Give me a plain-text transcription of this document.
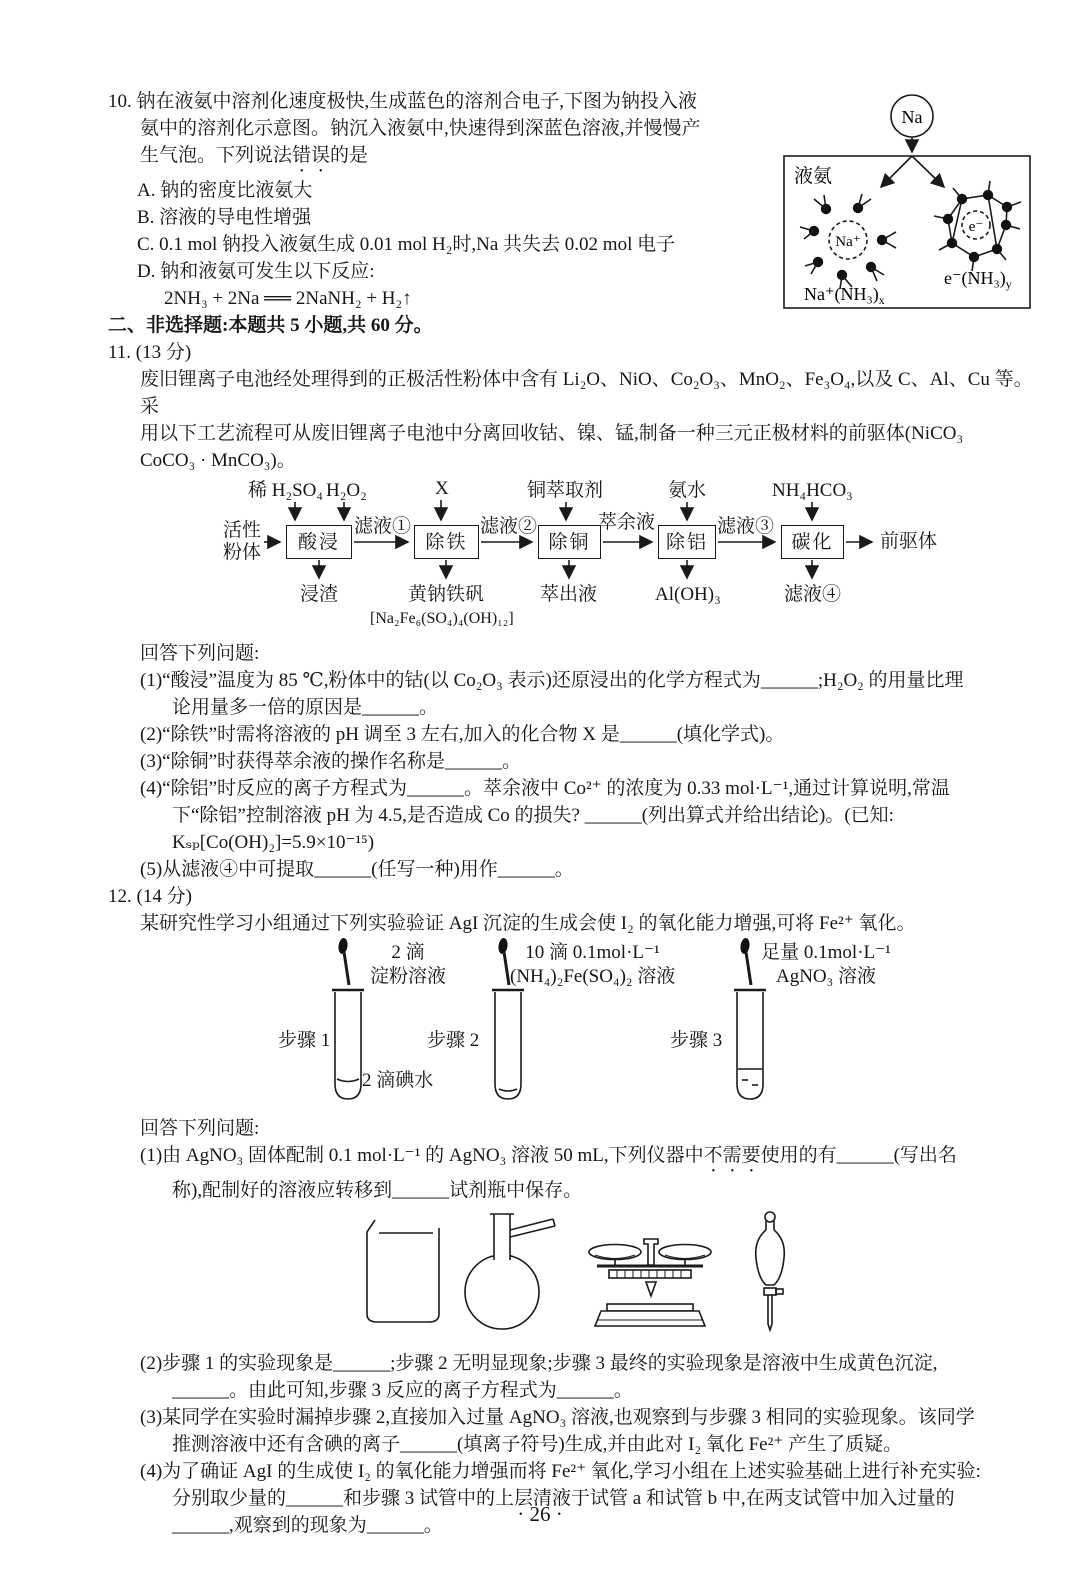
10. 钠在液氨中溶剂化速度极快,生成蓝色的溶剂合电子,下图为钠投入液
氨中的溶剂化示意图。钠沉入液氨中,快速得到深蓝色溶液,并慢慢产
生气泡。下列说法错误的是
A. 钠的密度比液氨大
B. 溶液的导电性增强
C. 0.1 mol 钠投入液氨生成 0.01 mol H₂时,Na 共失去 0.02 mol 电子
D. 钠和液氨可发生以下反应:
2NH₃ + 2Na ══ 2NaNH₂ + H₂↑
Na
液氨
Na⁺
e⁻
$Na^+(NH_3)_x$
$e^-(NH_3)_y$
二、非选择题:本题共 5 小题,共 60 分。
11. (13 分)
废旧锂离子电池经处理得到的正极活性粉体中含有 Li₂O、NiO、Co₂O₃、MnO₂、Fe₃O₄,以及 C、Al、Cu 等。采
用以下工艺流程可从废旧锂离子电池中分离回收钴、镍、锰,制备一种三元正极材料的前驱体(NiCO₃
CoCO₃ · MnCO₃)。
稀 H₂SO₄ H₂O₂	X	铜萃取剂	氨水	NH₄HCO₃
活性
粉体	酸浸	除铁	除铜	除铝	碳化
滤液①	滤液②	萃余液	滤液③
前驱体
浸渣	黄钠铁矾
[Na₂Fe₆(SO₄)₄(OH)₁₂]
萃出液	Al(OH)₃	滤液④
回答下列问题:
(1)“酸浸”温度为 85 ℃,粉体中的钴(以 Co₂O₃ 表示)还原浸出的化学方程式为______;H₂O₂ 的用量比理
论用量多一倍的原因是______。
(2)“除铁”时需将溶液的 pH 调至 3 左右,加入的化合物 X 是______(填化学式)。
(3)“除铜”时获得萃余液的操作名称是______。
(4)“除铝”时反应的离子方程式为______。萃余液中 Co²⁺ 的浓度为 0.33 mol·L⁻¹,通过计算说明,常温
下“除铝”控制溶液 pH 为 4.5,是否造成 Co 的损失? ______(列出算式并给出结论)。(已知:
Kₛₚ[Co(OH)₂]=5.9×10⁻¹⁵)
(5)从滤液④中可提取______(任写一种)用作______。
12. (14 分)
某研究性学习小组通过下列实验验证 AgI 沉淀的生成会使 I₂ 的氧化能力增强,可将 Fe²⁺ 氧化。
步骤 1	步骤 2	步骤 3
2 滴
淀粉溶液
10 滴 0.1mol·L⁻¹
(NH₄)₂Fe(SO₄)₂ 溶液
足量 0.1mol·L⁻¹
AgNO₃ 溶液
2 滴碘水
回答下列问题:
(1)由 AgNO₃ 固体配制 0.1 mol·L⁻¹ 的 AgNO₃ 溶液 50 mL,下列仪器中不需要使用的有______(写出名
称),配制好的溶液应转移到______试剂瓶中保存。
(2)步骤 1 的实验现象是______;步骤 2 无明显现象;步骤 3 最终的实验现象是溶液中生成黄色沉淀,
______。由此可知,步骤 3 反应的离子方程式为______。
(3)某同学在实验时漏掉步骤 2,直接加入过量 AgNO₃ 溶液,也观察到与步骤 3 相同的实验现象。该同学
推测溶液中还有含碘的离子______(填离子符号)生成,并由此对 I₂ 氧化 Fe²⁺ 产生了质疑。
(4)为了确证 AgI 的生成使 I₂ 的氧化能力增强而将 Fe²⁺ 氧化,学习小组在上述实验基础上进行补充实验:
分别取少量的______和步骤 3 试管中的上层清液于试管 a 和试管 b 中,在两支试管中加入过量的
______,观察到的现象为______。	· 26 ·
